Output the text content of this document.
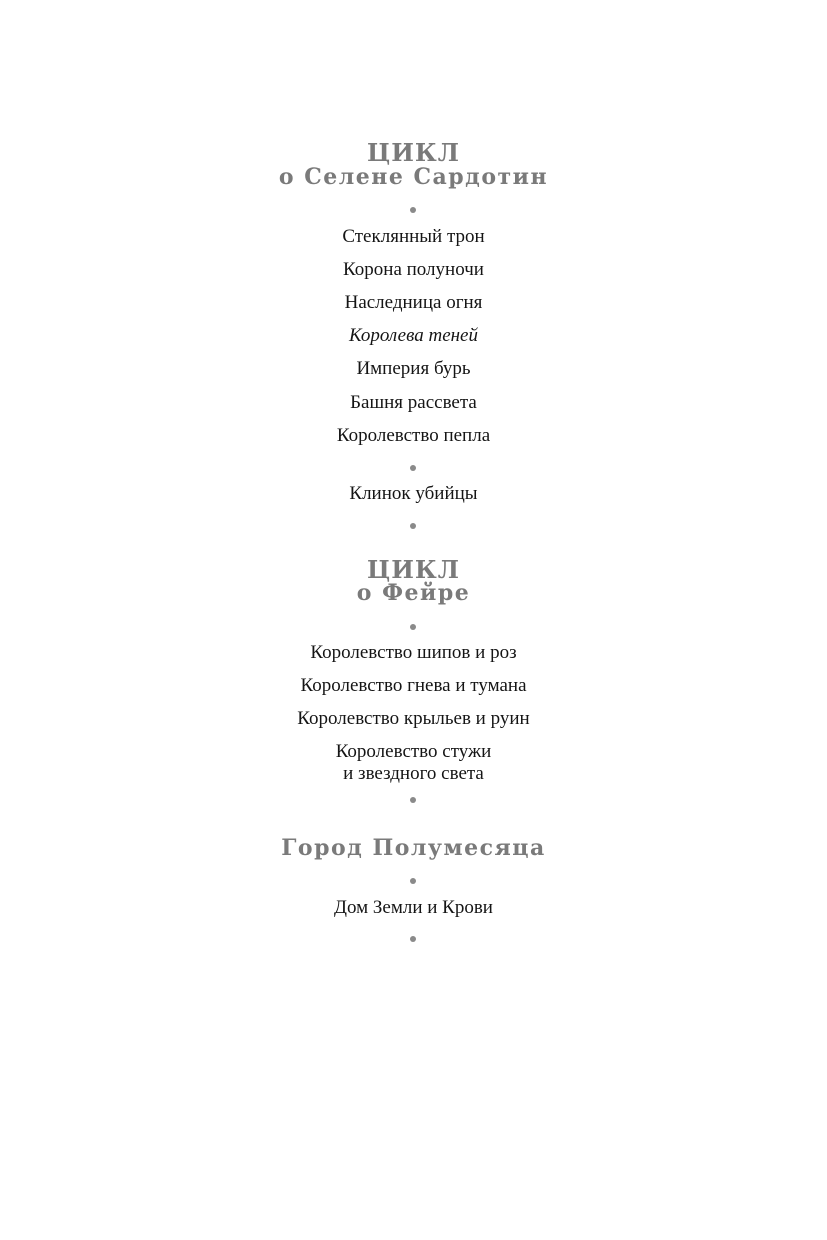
ЦИКЛ
о Селене Сардотин
Стеклянный трон
Корона полуночи
Наследница огня
Королева теней
Империя бурь
Башня рассвета
Королевство пепла
Клинок убийцы
ЦИКЛ
о Фейре
Королевство шипов и роз
Королевство гнева и тумана
Королевство крыльев и руин
Королевство стужи
и звездного света
Город Полумесяца
Дом Земли и Крови
